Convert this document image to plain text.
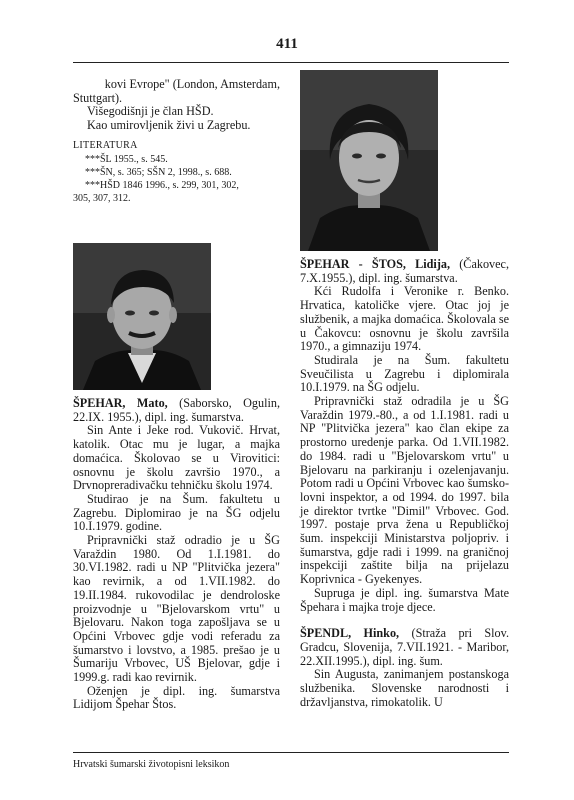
411

kovi Evrope" (London, Amsterdam,

Stuttgart).

Višegodišnji je član HŠD.

Kao umirovljenik živi u Zagrebu.

LITERATURA

***ŠL 1955., s. 545.

***ŠN, s. 365; SŠN 2, 1998., s. 688.

***HŠD 1846 1996., s. 299, 301, 302,

305, 307, 312.

ŠPEHAR, Mato, (Saborsko, Ogulin, 22.IX. 1955.), dipl. ing. šumarstva.

Sin Ante i Jeke rod. Vukovič. Hrvat, katolik. Otac mu je lugar, a majka domaćica. Školovao se u Virovitici: osnovnu je školu završio 1970., a Drvnopreradivačku tehničku školu 1974.

Studirao je na Šum. fakultetu u Zagrebu. Diplomirao je na ŠG odjelu 10.I.1979. godine.

Pripravnički staž odradio je u ŠG Varaždin 1980. Od 1.I.1981. do 30.VI.1982. radi u NP "Plitvička jezera" kao revirnik, a od 1.VII.1982. do 19.II.1984. rukovodilac je dendroloske proizvodnje u "Bjelovarskom vrtu" u Bjelovaru. Nakon toga zapošljava se u Općini Vrbovec gdje vodi referadu za šumarstvo i lovstvo, a 1985. prešao je u Šumariju Vrbovec, UŠ Bjelovar, gdje i 1999.g. radi kao revirnik.

Oženjen je dipl. ing. šumarstva Lidijom Špehar Štos.

ŠPEHAR - ŠTOS, Lidija, (Čakovec, 7.X.1955.), dipl. ing. šumarstva.

Kći Rudolfa i Veronike r. Benko. Hrvatica, katoličke vjere. Otac joj je službenik, a majka domaćica. Školovala se u Čakovcu: osnovnu je školu završila 1970., a gimnaziju 1974.

Studirala je na Šum. fakultetu Sveučilista u Zagrebu i diplomirala 10.I.1979. na ŠG odjelu.

Pripravnički staž odradila je u ŠG Varaždin 1979.-80., a od 1.I.1981. radi u NP "Plitvička jezera" kao član ekipe za prostorno uredenje parka. Od 1.VII.1982. do 1984. radi u "Bjelovarskom vrtu" u Bjelovaru na parkiranju i ozelenjavanju. Potom radi u Općini Vrbovec kao šumsko-lovni inspektor, a od 1994. do 1997. bila je direktor tvrtke "Dimil" Vrbovec. God. 1997. postaje prva žena u Republičkoj šum. inspekciji Ministarstva poljopriv. i šumarstva, gdje radi i 1999. na graničnoj inspekciji zaštite bilja na prijelazu Koprivnica - Gyekenyes.

Supruga je dipl. ing. šumarstva Mate Špehara i majka troje djece.

ŠPENDL, Hinko, (Straža pri Slov. Gradcu, Slovenija, 7.VII.1921. - Maribor, 22.XII.1995.), dipl. ing. šum.

Sin Augusta, zanimanjem postanskoga službenika. Slovenske narodnosti i državljanstva, rimokatolik. U

Hrvatski šumarski životopisni leksikon
